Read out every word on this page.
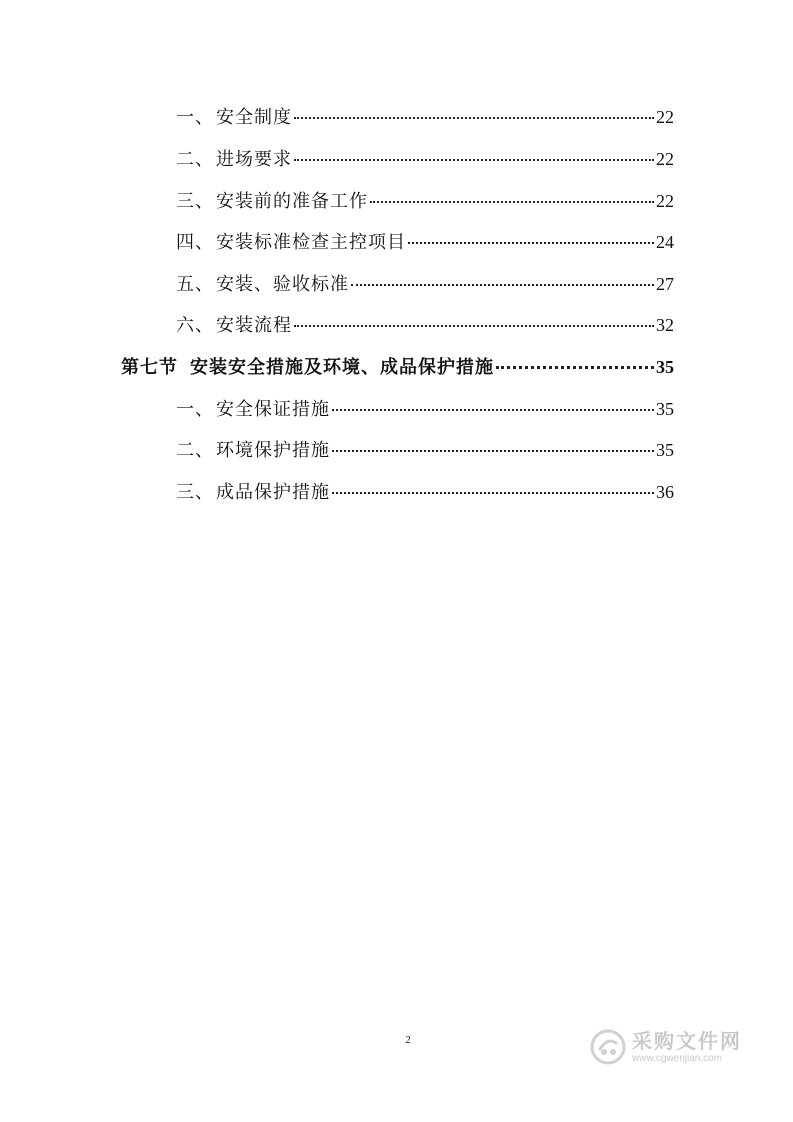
一、 安全制度	22
二、 进场要求	22
三、 安装前的准备工作	22
四、 安装标准检查主控项目	24
五、 安装、验收标准	27
六、 安装流程	32
第七节 安装安全措施及环境、成品保护措施	35
一、 安全保证措施	35
二、 环境保护措施	35
三、 成品保护措施	36
2	采购文件网
www.cgwenjian.com
